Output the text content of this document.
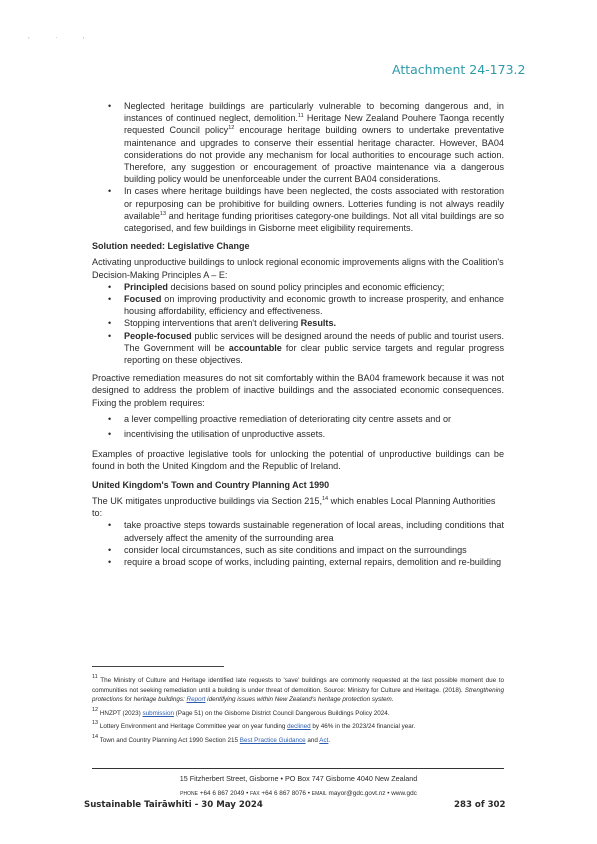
, . ,
Attachment 24-173.2
• Neglected heritage buildings are particularly vulnerable to becoming dangerous and, in instances of continued neglect, demolition.$^{11}$ Heritage New Zealand Pouhere Taonga recently requested Council policy$^{12}$ encourage heritage building owners to undertake preventative maintenance and upgrades to conserve their essential heritage character. However, BA04 considerations do not provide any mechanism for local authorities to encourage such action. Therefore, any suggestion or encouragement of proactive maintenance via a dangerous building policy would be unenforceable under the current BA04 considerations.
• In cases where heritage buildings have been neglected, the costs associated with restoration or repurposing can be prohibitive for building owners. Lotteries funding is not always readily available$^{13}$ and heritage funding prioritises category-one buildings. Not all vital buildings are so categorised, and few buildings in Gisborne meet eligibility requirements.
Solution needed: Legislative Change

Activating unproductive buildings to unlock regional economic improvements aligns with the Coalition's Decision-Making Principles A – E:

• Principled decisions based on sound policy principles and economic efficiency;
• Focused on improving productivity and economic growth to increase prosperity, and enhance housing affordability, efficiency and effectiveness.
• Stopping interventions that aren't delivering Results.
• People-focused public services will be designed around the needs of public and tourist users. The Government will be accountable for clear public service targets and regular progress reporting on these objectives.

Proactive remediation measures do not sit comfortably within the BA04 framework because it was not designed to address the problem of inactive buildings and the associated economic consequences. Fixing the problem requires:

• a lever compelling proactive remediation of deteriorating city centre assets and or
• incentivising the utilisation of unproductive assets.

Examples of proactive legislative tools for unlocking the potential of unproductive buildings can be found in both the United Kingdom and the Republic of Ireland.

United Kingdom's Town and Country Planning Act 1990

The UK mitigates unproductive buildings via Section 215,14 which enables Local Planning Authorities to:

• take proactive steps towards sustainable regeneration of local areas, including conditions that adversely affect the amenity of the surrounding area
• consider local circumstances, such as site conditions and impact on the surroundings
• require a broad scope of works, including painting, external repairs, demolition and re-building

$^{11}$ The Ministry of Culture and Heritage identified late requests to 'save' buildings are commonly requested at the last possible moment due to communities not seeking remediation until a building is under threat of demolition. Source: Ministry for Culture and Heritage. (2018). Strengthening protections for heritage buildings: Report identifying issues within New Zealand's heritage protection system.

$^{12}$ HNZPT (2023) submission (Page 51) on the Gisborne District Council Dangerous Buildings Policy 2024.

$^{13}$ Lottery Environment and Heritage Committee year on year funding declined by 46% in the 2023/24 financial year.

$^{14}$ Town and Country Planning Act 1990 Section 215 Best Practice Guidance and Act.

15 Fitzherbert Street, Gisborne • PO Box 747 Gisborne 4040 New Zealand
PHONE +64 6 867 2049 • FAX +64 6 867 8076 • EMAIL mayor@gdc.govt.nz • www.gdc
Sustainable Tairāwhiti - 30 May 2024	283 of 302
